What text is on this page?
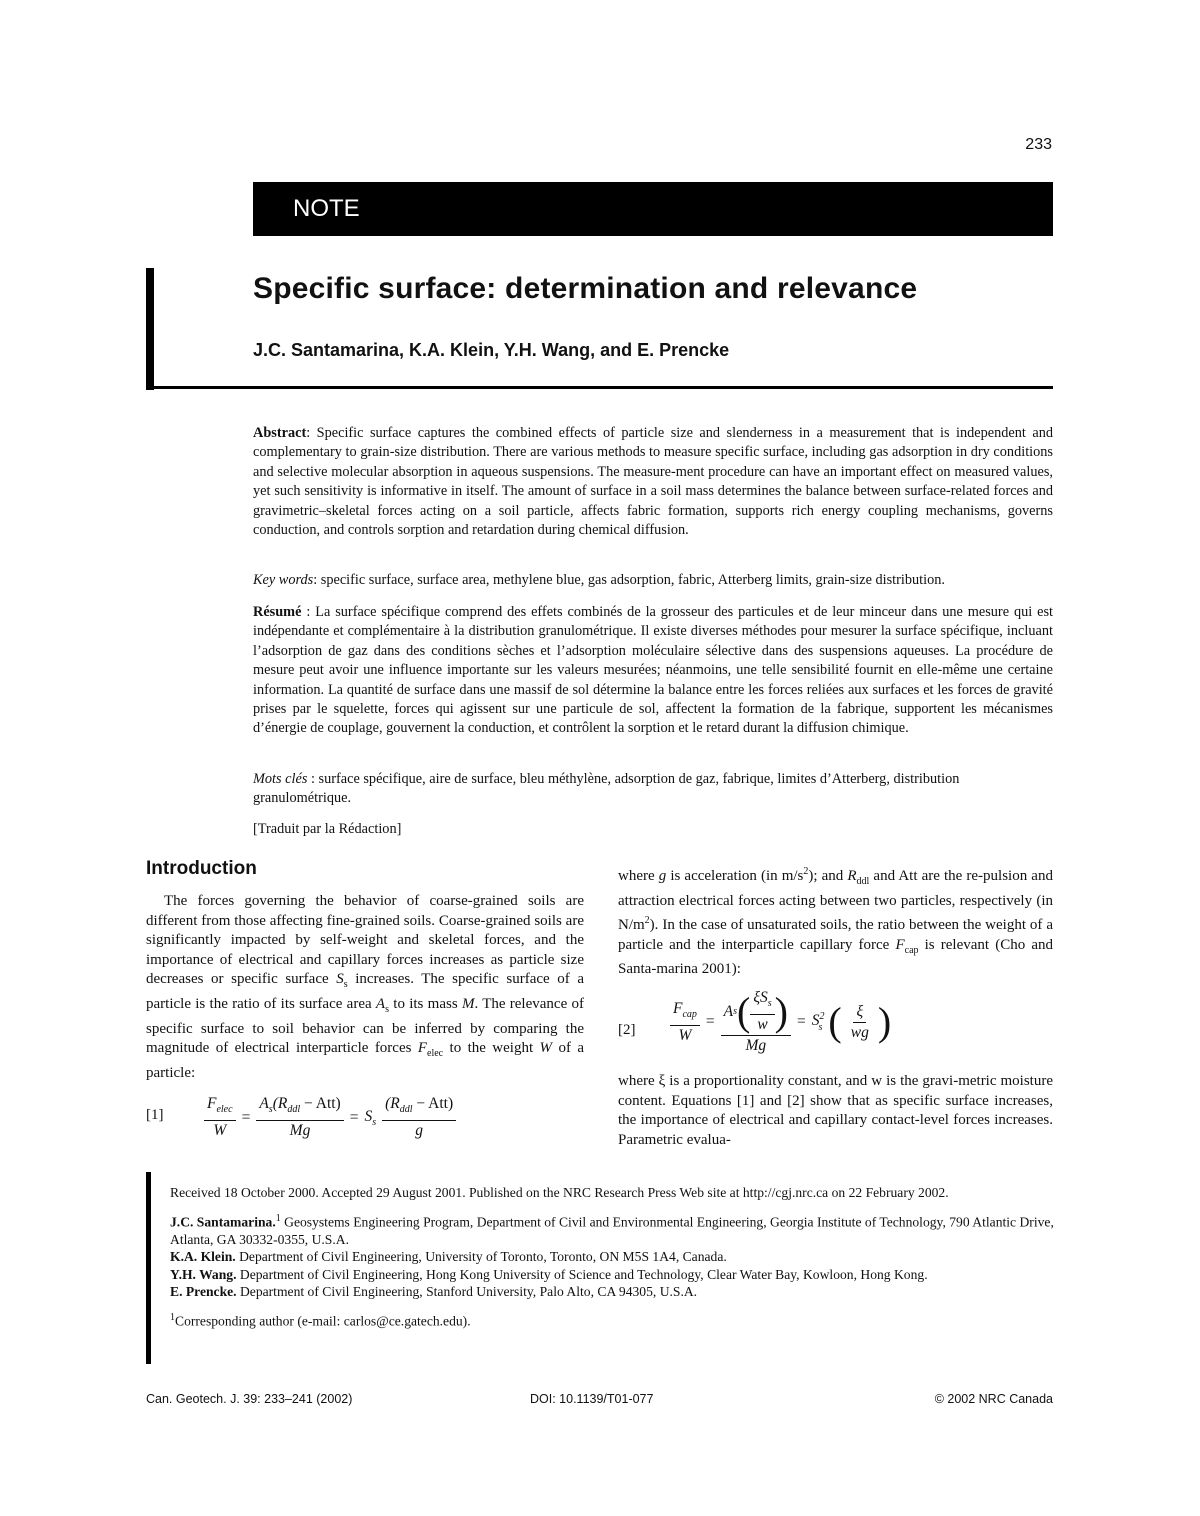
233
NOTE
Specific surface: determination and relevance
J.C. Santamarina, K.A. Klein, Y.H. Wang, and E. Prencke

Abstract: Specific surface captures the combined effects of particle size and slenderness in a measurement that is independent and complementary to grain-size distribution. There are various methods to measure specific surface, including gas adsorption in dry conditions and selective molecular absorption in aqueous suspensions. The measure-ment procedure can have an important effect on measured values, yet such sensitivity is informative in itself. The amount of surface in a soil mass determines the balance between surface-related forces and gravimetric–skeletal forces acting on a soil particle, affects fabric formation, supports rich energy coupling mechanisms, governs conduction, and controls sorption and retardation during chemical diffusion.

Key words: specific surface, surface area, methylene blue, gas adsorption, fabric, Atterberg limits, grain-size distribution.

Résumé : La surface spécifique comprend des effets combinés de la grosseur des particules et de leur minceur dans une mesure qui est indépendante et complémentaire à la distribution granulométrique. Il existe diverses méthodes pour mesurer la surface spécifique, incluant l’adsorption de gaz dans des conditions sèches et l’adsorption moléculaire sélective dans des suspensions aqueuses. La procédure de mesure peut avoir une influence importante sur les valeurs mesurées; néanmoins, une telle sensibilité fournit en elle-même une certaine information. La quantité de surface dans une massif de sol détermine la balance entre les forces reliées aux surfaces et les forces de gravité prises par le squelette, forces qui agissent sur une particule de sol, affectent la formation de la fabrique, supportent les mécanismes d’énergie de couplage, gouvernent la conduction, et contrôlent la sorption et le retard durant la diffusion chimique.

Mots clés : surface spécifique, aire de surface, bleu méthylène, adsorption de gaz, fabrique, limites d’Atterberg, distribution granulométrique.

[Traduit par la Rédaction]
Introduction
The forces governing the behavior of coarse-grained soils are different from those affecting fine-grained soils. Coarse-grained soils are significantly impacted by self-weight and skeletal forces, and the importance of electrical and capillary forces increases as particle size decreases or specific surface $S_s$ increases. The specific surface of a particle is the ratio of its surface area $A_s$ to its mass M. The relevance of specific surface to soil behavior can be inferred by comparing the magnitude of electrical interparticle forces $F_{elec}$ to the weight W of a particle:
[1]	$\frac{F_{elec}}{W} = \frac{A_s(R_{ddl} - Att)}{Mg} = S_s \frac{(R_{ddl} - Att)}{g}$
where g is acceleration (in $m/s^2$); and $R_{ddl}$ and Att are the re-pulsion and attraction electrical forces acting between two particles, respectively (in $N/m^2$). In the case of unsaturated soils, the ratio between the weight of a particle and the interparticle capillary force $F_{cap}$ is relevant (Cho and Santa-marina 2001):
$[2] \frac{F_{cap}}{W} = \frac{A s ( \frac{\xi S_s}{w} )}{Mg} = S^2_s$ ( $\frac{\xi}{wg}$ )
where ξ is a proportionality constant, and w is the gravi-metric moisture content. Equations [1] and [2] show that as specific surface increases, the importance of electrical and capillary contact-level forces increases. Parametric evalua-

Received 18 October 2000. Accepted 29 August 2001. Published on the NRC Research Press Web site at http://cgj.nrc.ca on 22 February 2002.

J.C. Santamarina.$^1$ Geosystems Engineering Program, Department of Civil and Environmental Engineering, Georgia Institute of Technology, 790 Atlantic Drive, Atlanta, GA 30332-0355, U.S.A.
K.A. Klein. Department of Civil Engineering, University of Toronto, Toronto, ON M5S 1A4, Canada.
Y.H. Wang. Department of Civil Engineering, Hong Kong University of Science and Technology, Clear Water Bay, Kowloon, Hong Kong.
E. Prencke. Department of Civil Engineering, Stanford University, Palo Alto, CA 94305, U.S.A.
$^1$Corresponding author (e-mail: carlos@ce.gatech.edu).
Can. Geotech. J. 39: 233–241 (2002)	DOI: 10.1139/T01-077	© 2002 NRC Canada
